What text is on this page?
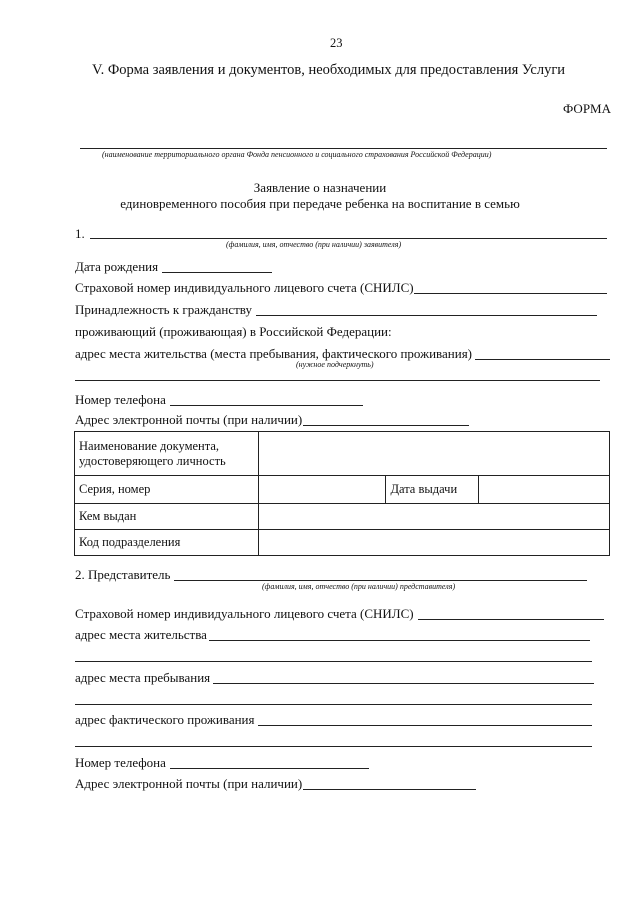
23
V. Форма заявления и документов, необходимых для предоставления Услуги
ФОРМА
(наименование территориального органа Фонда пенсионного и социального страхования Российской Федерации)
Заявление о назначении
единовременного пособия при передаче ребенка на воспитание в семью
1.
(фамилия, имя, отчество (при наличии) заявителя)
Дата рождения
Страховой номер индивидуального лицевого счета (СНИЛС)
Принадлежность к гражданству
проживающий (проживающая) в Российской Федерации:
адрес места жительства (места пребывания, фактического проживания)
(нужное подчеркнуть)
Номер телефона
Адрес электронной почты (при наличии)
Наименование документа, удостоверяющего личность			
Серия, номер		Дата выдачи	
Кем выдан			
Код подразделения			
2. Представитель
(фамилия, имя, отчество (при наличии) представителя)
Страховой номер индивидуального лицевого счета (СНИЛС)
адрес места жительства
адрес места пребывания
адрес фактического проживания
Номер телефона
Адрес электронной почты (при наличии)
